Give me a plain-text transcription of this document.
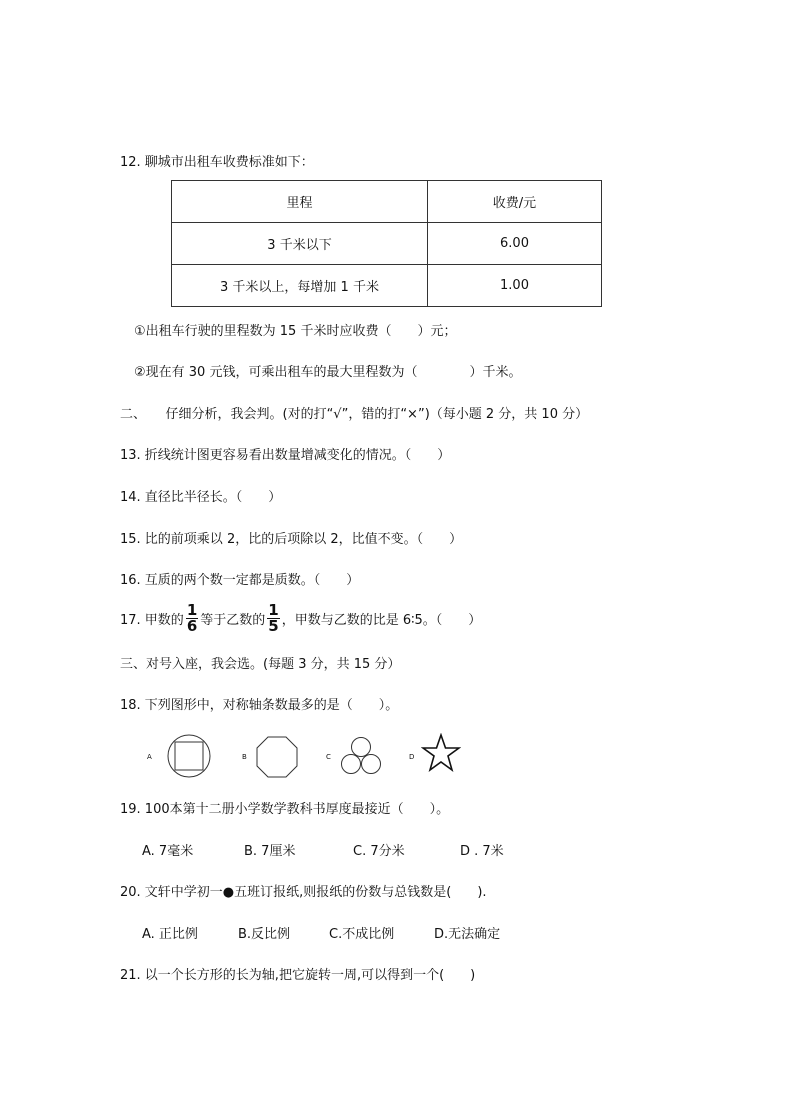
12. 聊城市出租车收费标准如下：
里程	收费/元
3 千米以下	6.00
3 千米以上，每增加 1 千米	1.00
①出租车行驶的里程数为 15 千米时应收费（　　）元；
②现在有 30 元钱，可乘出租车的最大里程数为（　　　　）千米。
二、　　仔细分析，我会判。(对的打“√”，错的打“×”)（每小题 2 分，共 10 分）
13. 折线统计图更容易看出数量增减变化的情况。（　　）
14. 直径比半径长。（　　）
15. 比的前项乘以 2，比的后项除以 2，比值不变。（　　）
16. 互质的两个数一定都是质数。（　　）
17. 甲数的 $\frac{1}{6}$ 等于乙数的 $\frac{1}{5}$ ，甲数与乙数的比是 6∶5。（　　）
三、对号入座，我会选。(每题 3 分，共 15 分）
18. 下列图形中，对称轴条数最多的是（　　）。
A	B	C	D
19. 100本第十二册小学数学教科书厚度最接近（　　）。
A. 7毫米	B. 7厘米	C. 7分米	D . 7米
20. 文轩中学初一●五班订报纸,则报纸的份数与总钱数是(　　).
A. 正比例	B.反比例	C.不成比例	D.无法确定
21. 以一个长方形的长为轴,把它旋转一周,可以得到一个(　　)
